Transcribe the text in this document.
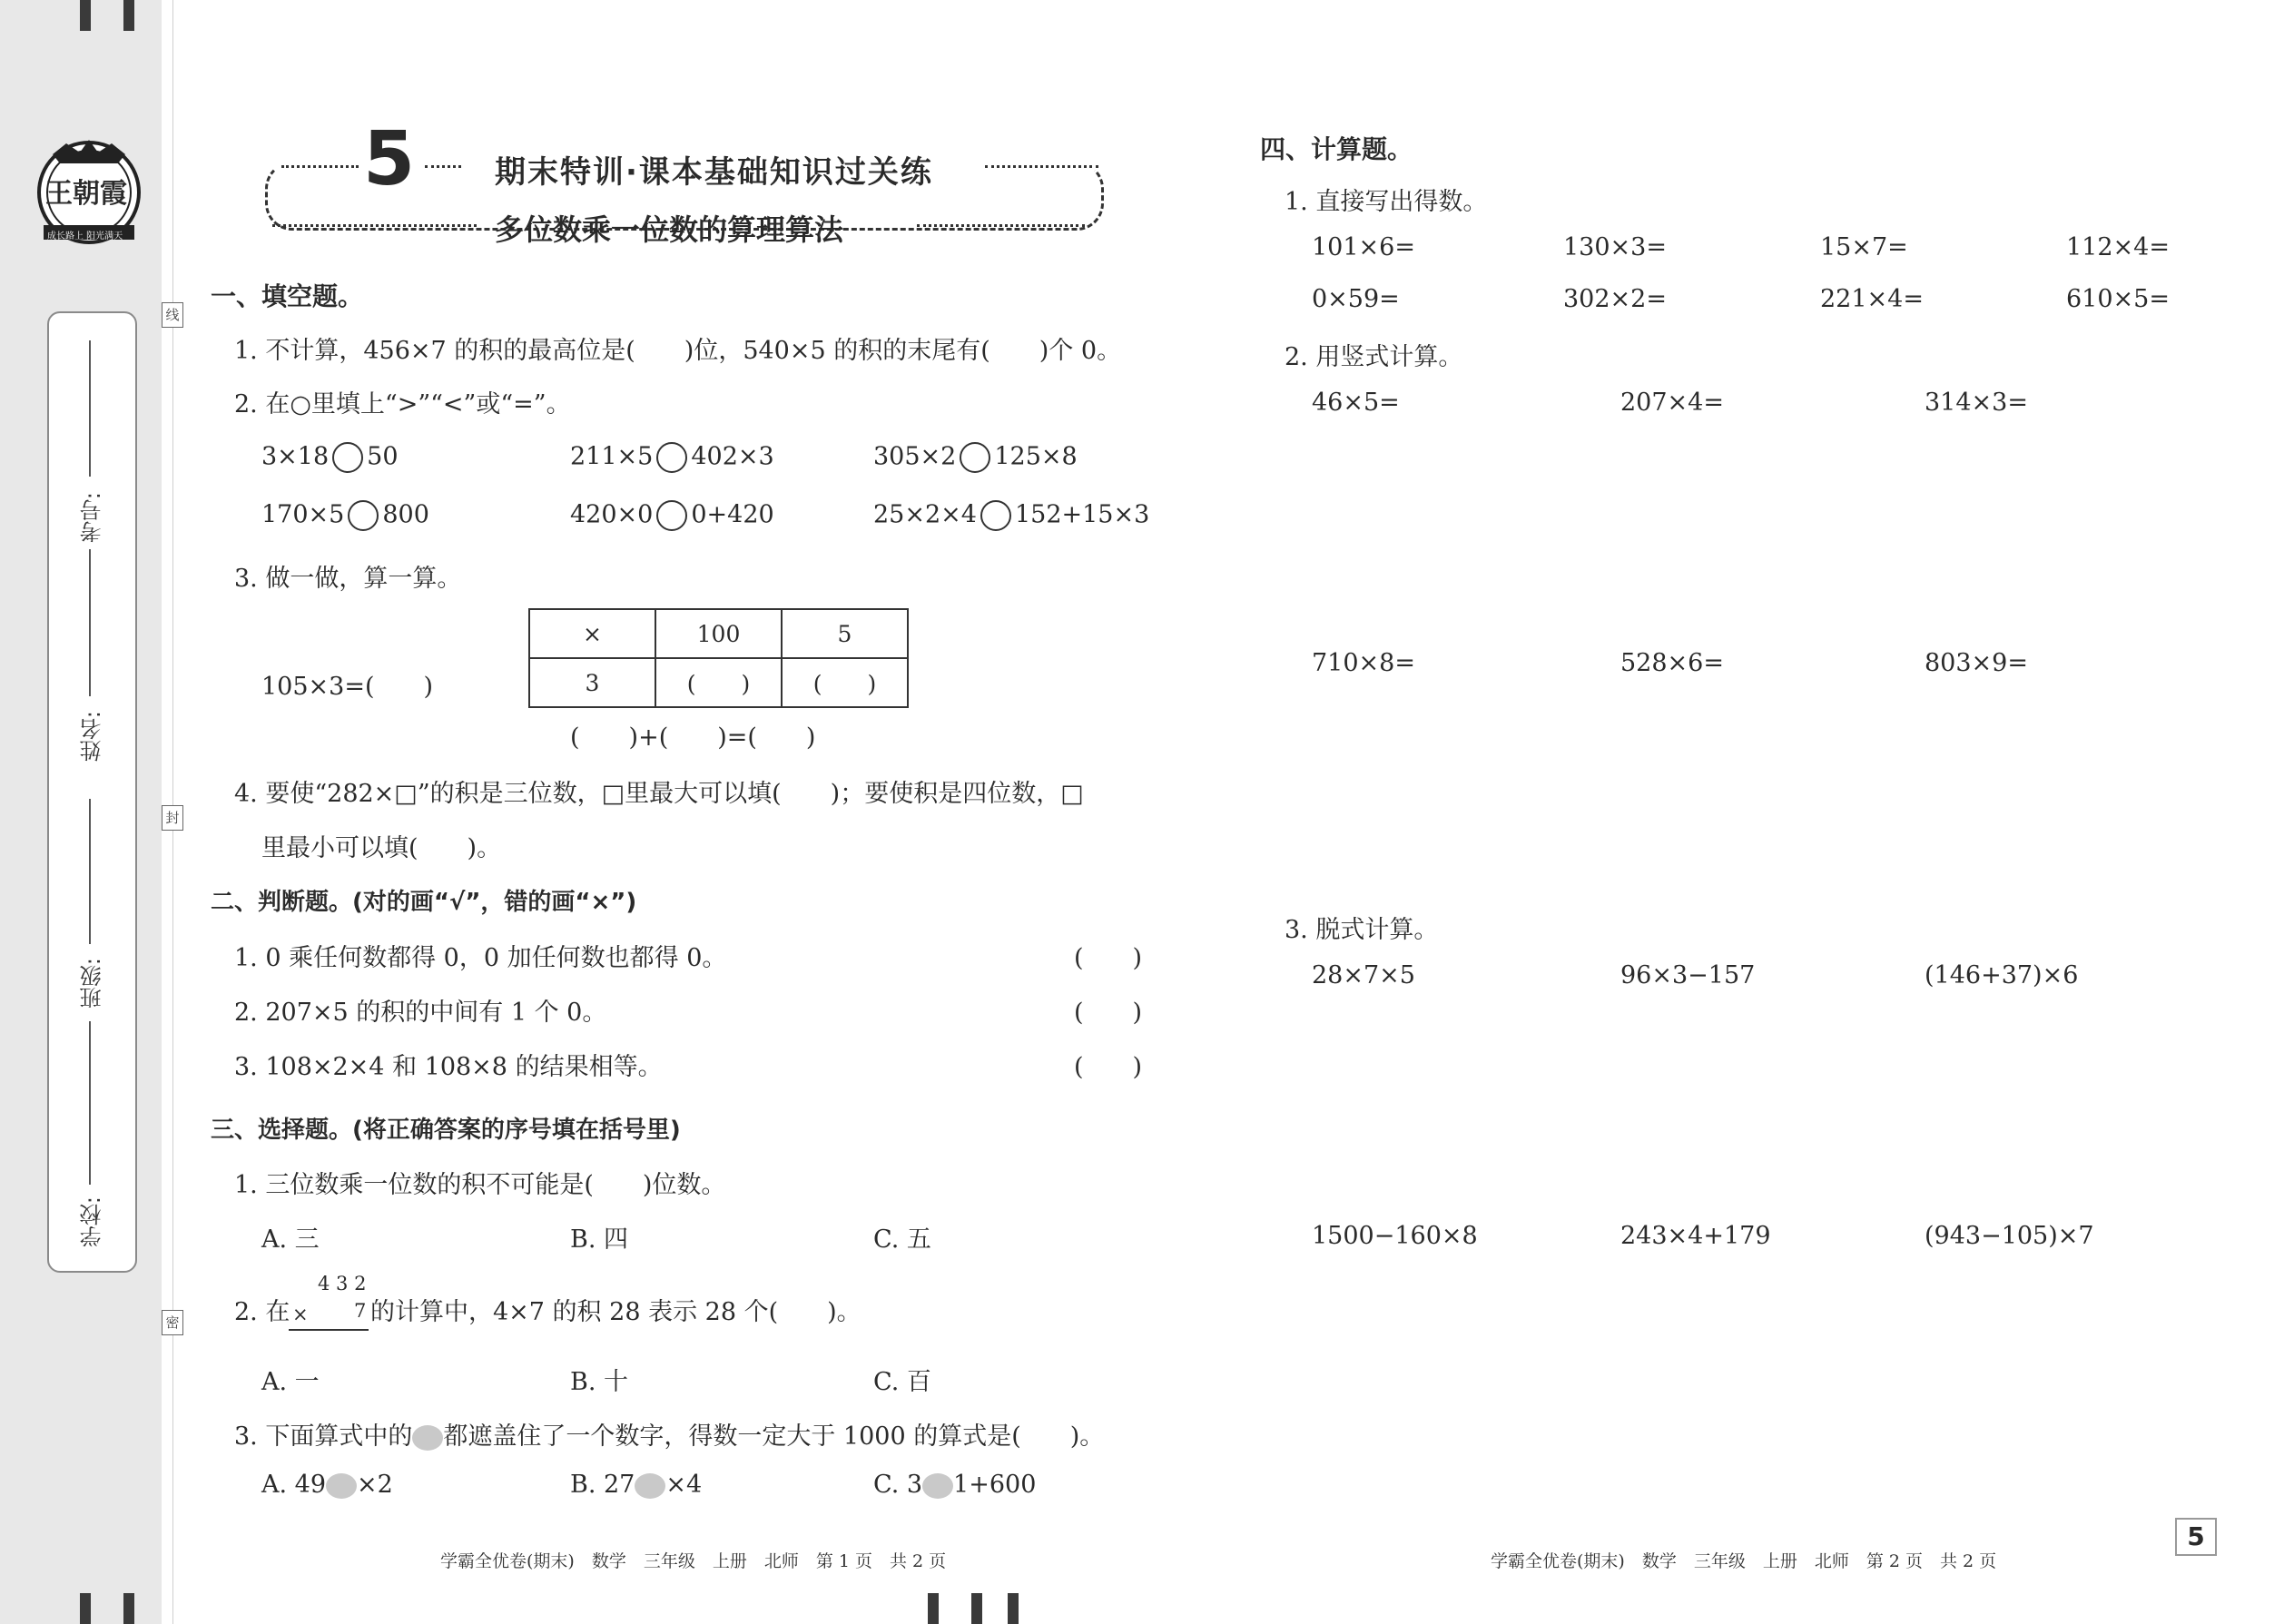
王朝霞
成长路上 阳光满天
考号:
姓名:
班级:
学校:
线
封
密
5	期末特训·课本基础知识过关练
多位数乘一位数的算理算法
一、填空题。
1. 不计算，456×7 的积的最高位是(　　)位，540×5 的积的末尾有(　　)个 0。
2. 在○里填上“>”“<”或“=”。
3×18 50	211×5 402×3	305×2 125×8
170×5 800	420×0 0+420	25×2×4 152+15×3
3. 做一做，算一算。
105×3=(　　)
×	100	5
3	(　　)	(　　)
(　　)+(　　)=(　　)
4. 要使“282×□”的积是三位数，□里最大可以填(　　)；要使积是四位数，□
里最小可以填(　　)。
二、判断题。(对的画“√”，错的画“×”)
1. 0 乘任何数都得 0，0 加任何数也都得 0。	(　　)
2. 207×5 的积的中间有 1 个 0。	(　　)
3. 108×2×4 和 108×8 的结果相等。	(　　)
三、选择题。(将正确答案的序号填在括号里)
1. 三位数乘一位数的积不可能是(　　)位数。
A. 三	B. 四	C. 五
2. 在
4 3 2
× 7 的计算中，4×7 的积 28 表示 28 个(　　)。
A. 一	B. 十	C. 百
3. 下面算式中的 都遮盖住了一个数字，得数一定大于 1000 的算式是(　　)。
A. 49 ×2	B. 27 ×4	C. 3 1+600
四、计算题。
1. 直接写出得数。
101×6=	130×3=	15×7=	112×4=
0×59=	302×2=	221×4=	610×5=
2. 用竖式计算。
46×5=	207×4=	314×3=
710×8=	528×6=	803×9=
3. 脱式计算。
28×7×5	96×3−157	(146+37)×6
1500−160×8	243×4+179	(943−105)×7
学霸全优卷(期末)　数学　三年级　上册　北师　第 1 页　共 2 页	学霸全优卷(期末)　数学　三年级　上册　北师　第 2 页　共 2 页
5
